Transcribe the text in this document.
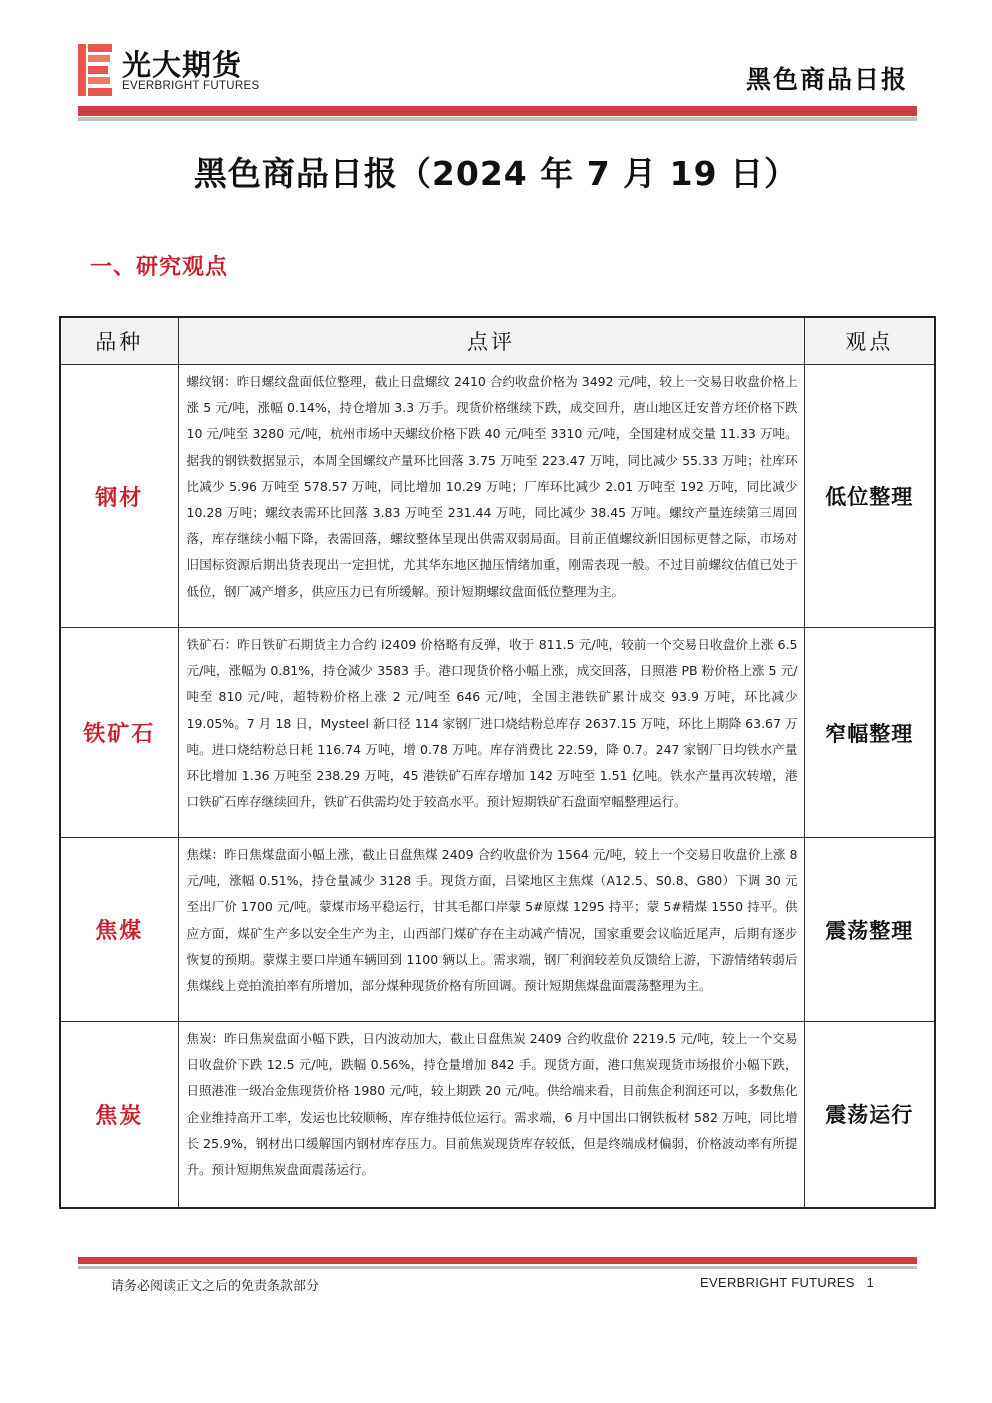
光大期货
EVERBRIGHT FUTURES	黑色商品日报
黑色商品日报（2024 年 7 月 19 日）
一、研究观点
品种	点评	观点
钢材	螺纹钢：昨日螺纹盘面低位整理，截止日盘螺纹 2410 合约收盘价格为 3492 元/吨，较上一交易日收盘价格上涨 5 元/吨，涨幅 0.14%，持仓增加 3.3 万手。现货价格继续下跌，成交回升，唐山地区迁安普方坯价格下跌 10 元/吨至 3280 元/吨，杭州市场中天螺纹价格下跌 40 元/吨至 3310 元/吨，全国建材成交量 11.33 万吨。据我的钢铁数据显示，本周全国螺纹产量环比回落 3.75 万吨至 223.47 万吨，同比减少 55.33 万吨；社库环比减少 5.96 万吨至 578.57 万吨，同比增加 10.29 万吨；厂库环比减少 2.01 万吨至 192 万吨，同比减少 10.28 万吨；螺纹表需环比回落 3.83 万吨至 231.44 万吨，同比减少 38.45 万吨。螺纹产量连续第三周回落，库存继续小幅下降，表需回落，螺纹整体呈现出供需双弱局面。目前正值螺纹新旧国标更替之际，市场对旧国标资源后期出货表现出一定担忧，尤其华东地区抛压情绪加重，刚需表现一般。不过目前螺纹估值已处于低位，钢厂减产增多，供应压力已有所缓解。预计短期螺纹盘面低位整理为主。	低位整理
铁矿石	铁矿石：昨日铁矿石期货主力合约 i2409 价格略有反弹，收于 811.5 元/吨，较前一个交易日收盘价上涨 6.5 元/吨，涨幅为 0.81%，持仓减少 3583 手。港口现货价格小幅上涨，成交回落，日照港 PB 粉价格上涨 5 元/吨至 810 元/吨，超特粉价格上涨 2 元/吨至 646 元/吨，全国主港铁矿累计成交 93.9 万吨，环比减少 19.05%。7 月 18 日，Mysteel 新口径 114 家钢厂进口烧结粉总库存 2637.15 万吨，环比上期降 63.67 万吨。进口烧结粉总日耗 116.74 万吨，增 0.78 万吨。库存消费比 22.59，降 0.7。247 家钢厂日均铁水产量环比增加 1.36 万吨至 238.29 万吨，45 港铁矿石库存增加 142 万吨至 1.51 亿吨。铁水产量再次转增，港口铁矿石库存继续回升，铁矿石供需均处于较高水平。预计短期铁矿石盘面窄幅整理运行。	窄幅整理
焦煤	焦煤：昨日焦煤盘面小幅上涨，截止日盘焦煤 2409 合约收盘价为 1564 元/吨，较上一个交易日收盘价上涨 8 元/吨，涨幅 0.51%，持仓量减少 3128 手。现货方面，吕梁地区主焦煤（A12.5、S0.8、G80）下调 30 元至出厂价 1700 元/吨。蒙煤市场平稳运行，甘其毛都口岸蒙 5#原煤 1295 持平；蒙 5#精煤 1550 持平。供应方面，煤矿生产多以安全生产为主，山西部门煤矿存在主动减产情况，国家重要会议临近尾声，后期有逐步恢复的预期。蒙煤主要口岸通车辆回到 1100 辆以上。需求端，钢厂利润较差负反馈给上游，下游情绪转弱后焦煤线上竞拍流拍率有所增加，部分煤种现货价格有所回调。预计短期焦煤盘面震荡整理为主。	震荡整理
焦炭	焦炭：昨日焦炭盘面小幅下跌，日内波动加大，截止日盘焦炭 2409 合约收盘价 2219.5 元/吨，较上一个交易日收盘价下跌 12.5 元/吨，跌幅 0.56%，持仓量增加 842 手。现货方面，港口焦炭现货市场报价小幅下跌，日照港准一级冶金焦现货价格 1980 元/吨，较上期跌 20 元/吨。供给端来看，目前焦企利润还可以，多数焦化企业维持高开工率，发运也比较顺畅，库存维持低位运行。需求端，6 月中国出口钢铁板材 582 万吨，同比增长 25.9%，钢材出口缓解国内钢材库存压力。目前焦炭现货库存较低，但是终端成材偏弱，价格波动率有所提升。预计短期焦炭盘面震荡运行。	震荡运行
请务必阅读正文之后的免责条款部分	EVERBRIGHT FUTURES 1
